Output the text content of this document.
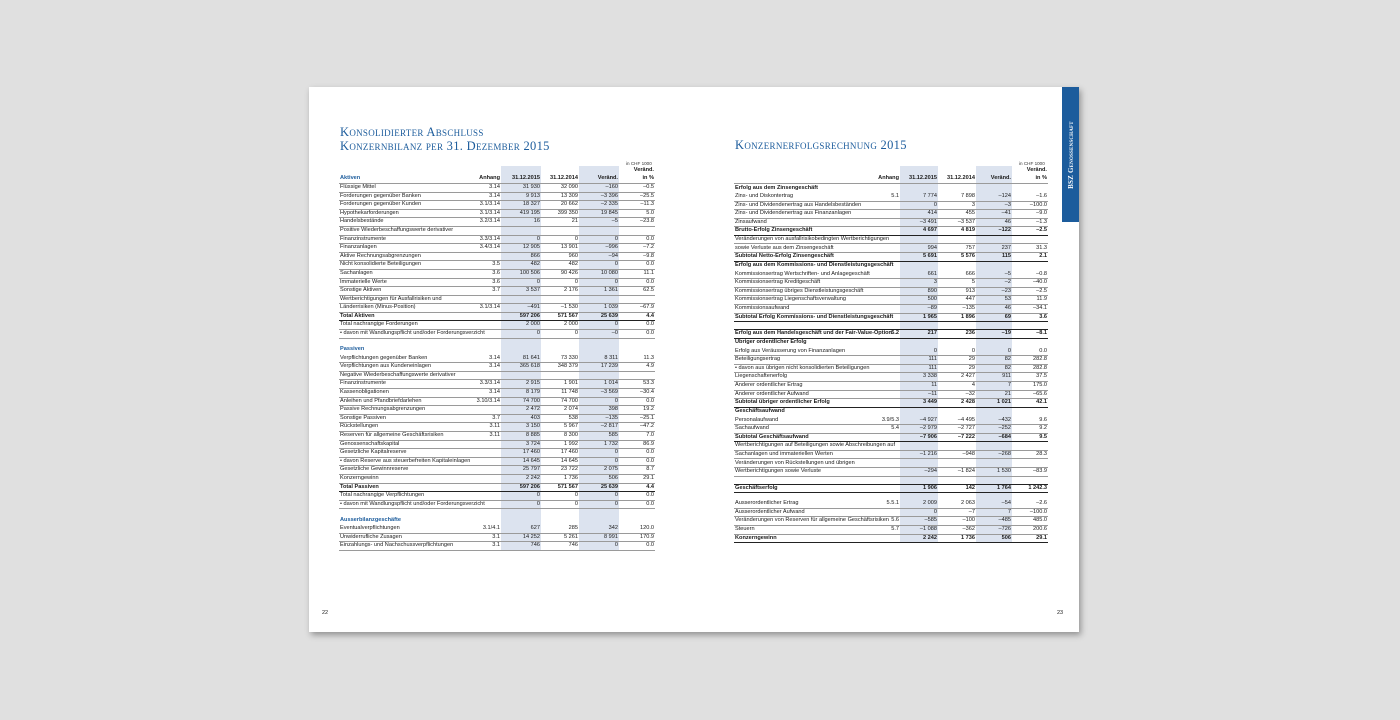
Konsolidierter Abschluss
Konzernbilanz per 31. Dezember 2015
in CHF 1000
Aktiven	Anhang	31.12.2015	31.12.2014	Veränd.	Veränd.
in %

Flüssige Mittel	3.14	31 930	32 090	–160	–0.5
Forderungen gegenüber Banken	3.14	9 913	13 309	–3 396	–25.5
Forderungen gegenüber Kunden	3.1/3.14	18 327	20 662	–2 335	–11.3
Hypothekarforderungen	3.1/3.14	419 195	399 350	19 845	5.0
Handelsbestände	3.2/3.14	16	21	–5	–23.8
Positive Wiederbeschaffungswerte derivativer					
Finanzinstrumente	3.3/3.14	0	0	0	0.0
Finanzanlagen	3.4/3.14	12 905	13 901	–996	–7.2
Aktive Rechnungsabgrenzungen		866	960	–94	–9.8
Nicht konsolidierte Beteiligungen	3.5	482	482	0	0.0
Sachanlagen	3.6	100 506	90 426	10 080	11.1
Immaterielle Werte	3.6	0	0	0	0.0
Sonstige Aktiven	3.7	3 537	2 176	1 361	62.5
Wertberichtigungen für Ausfallrisiken und					
Länderrisiken (Minus-Position)	3.1/3.14	–491	–1 530	1 039	–67.9
Total Aktiven		597 206	571 567	25 639	4.4
Total nachrangige Forderungen		2 000	2 000	0	0.0
• davon mit Wandlungspflicht und/oder Forderungsverzicht		0	0	–0	0.0

Passiven					
Verpflichtungen gegenüber Banken	3.14	81 641	73 330	8 311	11.3
Verpflichtungen aus Kundeneinlagen	3.14	365 618	348 379	17 239	4.9
Negative Wiederbeschaffungswerte derivativer					
Finanzinstrumente	3.3/3.14	2 915	1 901	1 014	53.3
Kassenobligationen	3.14	8 179	11 748	–3 569	–30.4
Anleihen und Pfandbriefdarlehen	3.10/3.14	74 700	74 700	0	0.0
Passive Rechnungsabgrenzungen		2 472	2 074	398	19.2
Sonstige Passiven	3.7	403	538	–135	–25.1
Rückstellungen	3.11	3 150	5 967	–2 817	–47.2
Reserven für allgemeine Geschäftsrisiken	3.11	8 885	8 300	585	7.0
Genossenschaftskapital		3 724	1 992	1 732	86.9
Gesetzliche Kapitalreserve		17 460	17 460	0	0.0
• davon Reserve aus steuerbefreiten Kapitaleinlagen		14 645	14 645	0	0.0
Gesetzliche Gewinnreserve		25 797	23 722	2 075	8.7
Konzerngewinn		2 242	1 736	506	29.1
Total Passiven		597 206	571 567	25 639	4.4
Total nachrangige Verpflichtungen		0	0	0	0.0
• davon mit Wandlungspflicht und/oder Forderungsverzicht		0	0	0	0.0

Ausserbilanzgeschäfte					
Eventualverpflichtungen	3.1/4.1	627	285	342	120.0
Unwiderrufliche Zusagen	3.1	14 252	5 261	8 991	170.9
Einzahlungs- und Nachschussverpflichtungen	3.1	746	746	0	0.0
22
Konzernerfolgsrechnung 2015
in CHF 1000
	Anhang	31.12.2015	31.12.2014	Veränd.	Veränd.
in %

Erfolg aus dem Zinsengeschäft					
Zins- und Diskontertrag	5.1	7 774	7 898	–124	–1.6
Zins- und Dividendenertrag aus Handelsbeständen		0	3	–3	–100.0
Zins- und Dividendenertrag aus Finanzanlagen		414	455	–41	–9.0
Zinsaufwand		–3 491	–3 537	46	–1.3
Brutto-Erfolg Zinsengeschäft		4 697	4 819	–122	–2.5
Veränderungen von ausfallrisikobedingten Wertberichtigungen					
sowie Verluste aus dem Zinsengeschäft		994	757	237	31.3
Subtotal Netto-Erfolg Zinsengeschäft		5 691	5 576	115	2.1
Erfolg aus dem Kommissions- und Dienstleistungsgeschäft					
Kommissionsertrag Wertschriften- und Anlagegeschäft		661	666	–5	–0.8
Kommissionsertrag Kreditgeschäft		3	5	–2	–40.0
Kommissionsertrag übriges Dienstleistungsgeschäft		890	913	–23	–2.5
Kommissionsertrag Liegenschaftsverwaltung		500	447	53	11.9
Kommissionsaufwand		–89	–135	46	–34.1
Subtotal Erfolg Kommissions- und Dienstleistungsgeschäft		1 965	1 896	69	3.6

Erfolg aus dem Handelsgeschäft und der Fair-Value-Option	5.2	217	236	–19	–8.1
Übriger ordentlicher Erfolg					
Erfolg aus Veräusserung von Finanzanlagen		0	0	0	0.0
Beteiligungsertrag		111	29	82	282.8
• davon aus übrigen nicht konsolidierten Beteiligungen		111	29	82	282.8
Liegenschaftenerfolg		3 338	2 427	911	37.5
Anderer ordentlicher Ertrag		11	4	7	175.0
Anderer ordentlicher Aufwand		–11	–32	21	–65.6
Subtotal übriger ordentlicher Erfolg		3 449	2 428	1 021	42.1
Geschäftsaufwand					
Personalaufwand	3.9/5.3	–4 927	–4 495	–432	9.6
Sachaufwand	5.4	–2 979	–2 727	–252	9.2
Subtotal Geschäftsaufwand		–7 906	–7 222	–684	9.5
Wertberichtigungen auf Beteiligungen sowie Abschreibungen auf					
Sachanlagen und immateriellen Werten		–1 216	–948	–268	28.3
Veränderungen von Rückstellungen und übrigen					
Wertberichtigungen sowie Verluste		–294	–1 824	1 530	–83.9

Geschäftserfolg		1 906	142	1 764	1 242.3

Ausserordentlicher Ertrag	5.5.1	2 009	2 063	–54	–2.6
Ausserordentlicher Aufwand		0	–7	7	–100.0
Veränderungen von Reserven für allgemeine Geschäftsrisiken	5.6	–585	–100	–485	485.0
Steuern	5.7	–1 088	–362	–726	200.6
Konzerngewinn		2 242	1 736	506	29.1
23
BSZ Genossenschaft
